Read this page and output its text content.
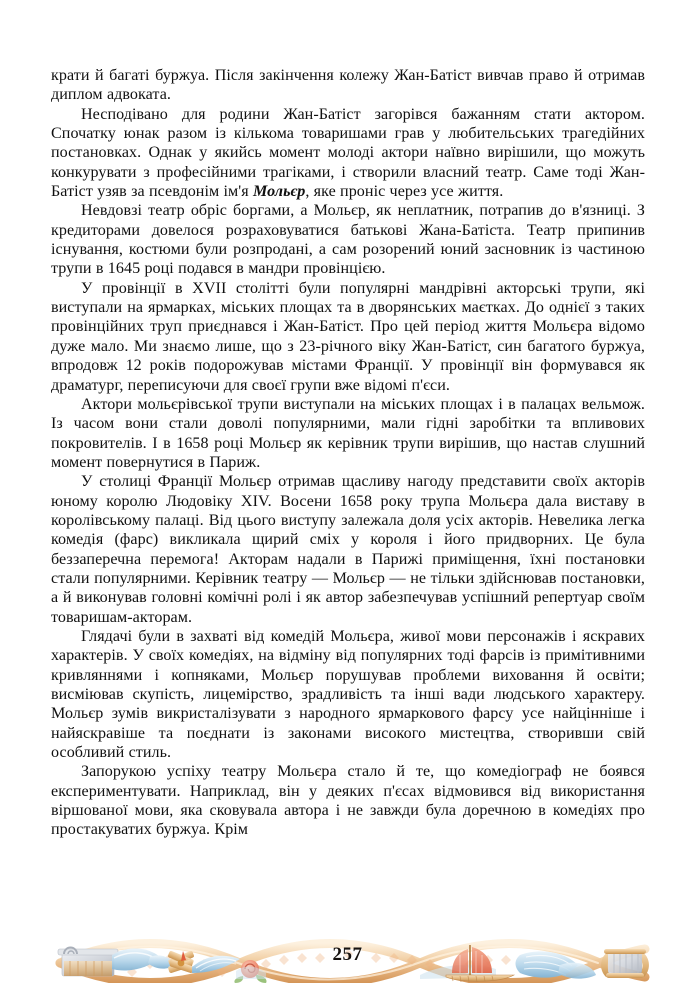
крати й багаті буржуа. Після закінчення колежу Жан-Батіст вивчав право й отримав диплом адвоката.

Несподівано для родини Жан-Батіст загорівся бажанням стати актором. Спочатку юнак разом із кількома товаришами грав у любительських трагедійних постановках. Однак у якийсь момент молоді актори наївно вирішили, що можуть конкурувати з професійними трагіками, і створили власний театр. Саме тоді Жан-Батіст узяв за псевдонім ім'я Мольєр, яке проніс через усе життя.

Невдовзі театр обріс боргами, а Мольєр, як неплатник, потрапив до в'язниці. З кредиторами довелося розраховуватися батькові Жана-Батіста. Театр припинив існування, костюми були розпродані, а сам розорений юний засновник із частиною трупи в 1645 році подався в мандри провінцією.

У провінції в XVII столітті були популярні мандрівні акторські трупи, які виступали на ярмарках, міських площах та в дворянських маєтках. До однієї з таких провінційних труп приєднався і Жан-Батіст. Про цей період життя Мольєра відомо дуже мало. Ми знаємо лише, що з 23-річного віку Жан-Батіст, син багатого буржуа, впродовж 12 років подорожував містами Франції. У провінції він формувався як драматург, переписуючи для своєї групи вже відомі п'єси.

Актори мольєрівської трупи виступали на міських площах і в палацах вельмож. Із часом вони стали доволі популярними, мали гідні заробітки та впливових покровителів. І в 1658 році Мольєр як керівник трупи вирішив, що настав слушний момент повернутися в Париж.

У столиці Франції Мольєр отримав щасливу нагоду представити своїх акторів юному королю Людовіку XIV. Восени 1658 року трупа Мольєра дала виставу в королівському палаці. Від цього виступу залежала доля усіх акторів. Невелика легка комедія (фарс) викликала щирий сміх у короля і його придворних. Це була беззаперечна перемога! Акторам надали в Парижі приміщення, їхні постановки стали популярними. Керівник театру — Мольєр — не тільки здійснював постановки, а й виконував головні комічні ролі і як автор забезпечував успішний репертуар своїм товаришам-акторам.

Глядачі були в захваті від комедій Мольєра, живої мови персонажів і яскравих характерів. У своїх комедіях, на відміну від популярних тоді фарсів із примітивними кривляннями і копняками, Мольєр порушував проблеми виховання й освіти; висміював скупість, лицемірство, зрадливість та інші вади людського характеру. Мольєр зумів викристалізувати з народного ярмаркового фарсу усе найцінніше і найяскравіше та поєднати із законами високого мистецтва, створивши свій особливий стиль.

Запорукою успіху театру Мольєра стало й те, що комедіограф не боявся експериментувати. Наприклад, він у деяких п'єсах відмовився від використання віршованої мови, яка сковувала автора і не завжди була доречною в комедіях про простакуватих буржуа. Крім

257
